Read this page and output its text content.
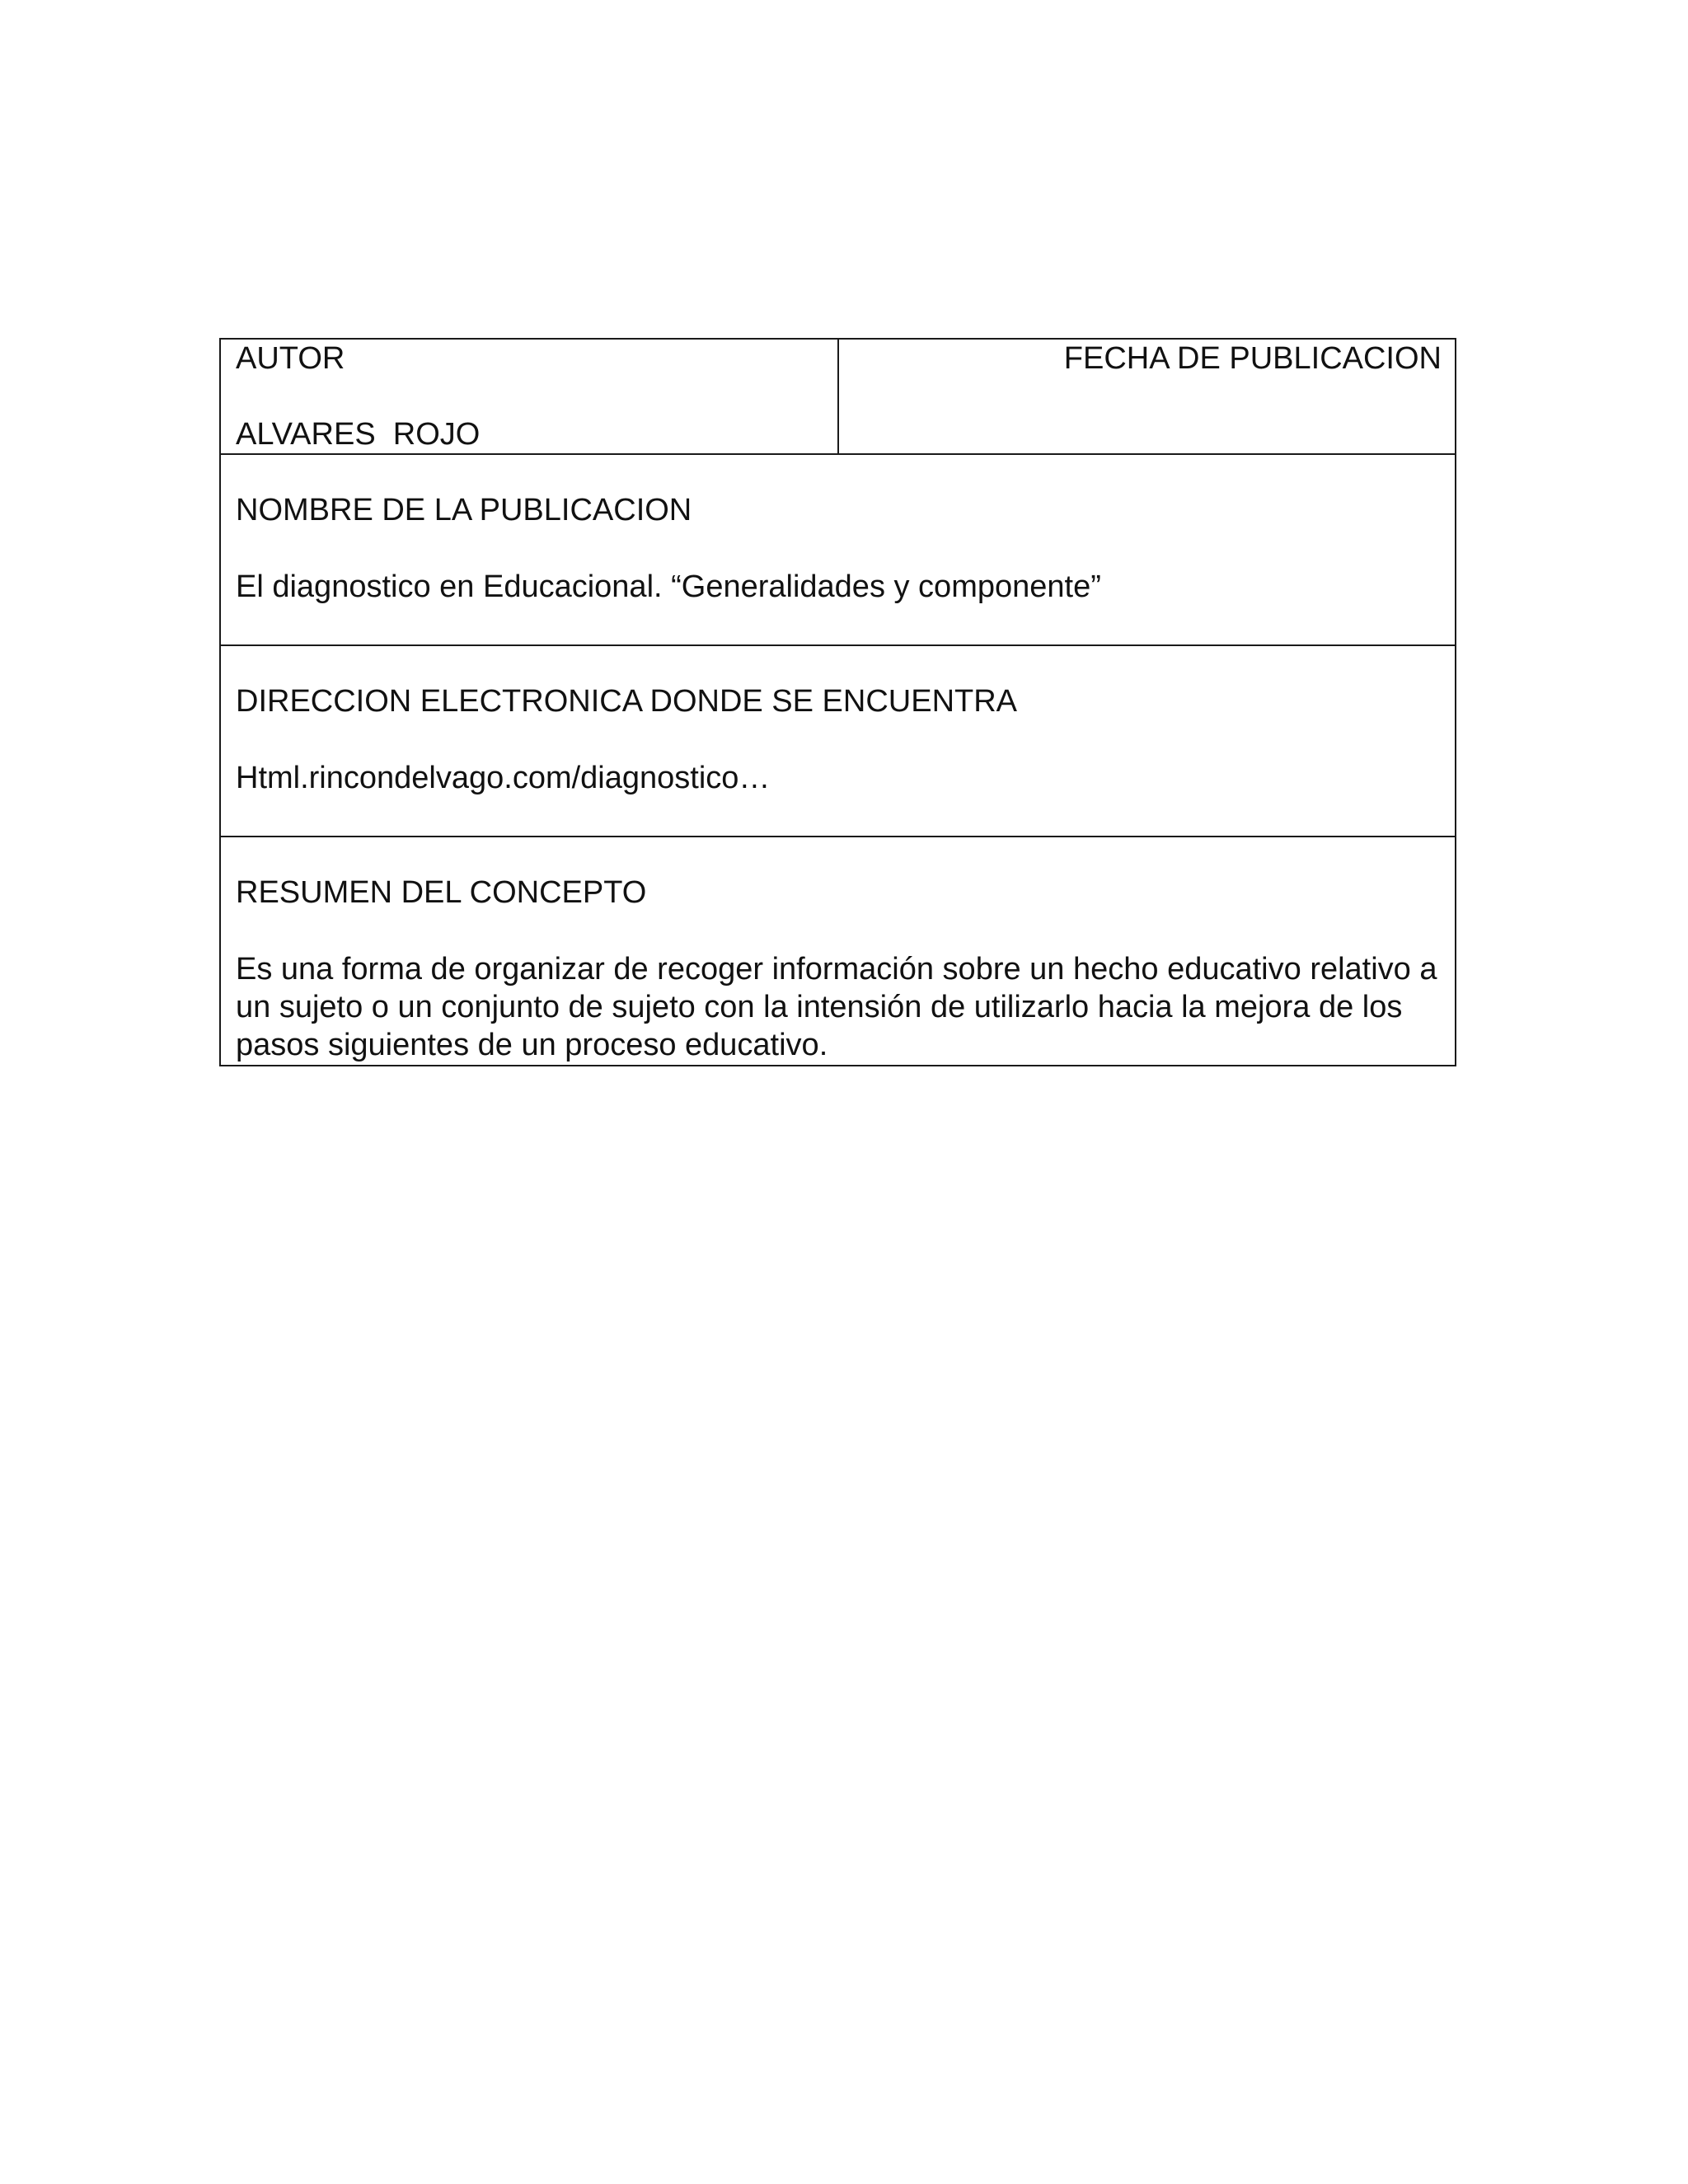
AUTOR
ALVARES  ROJO
FECHA DE PUBLICACION
NOMBRE DE LA PUBLICACION
El diagnostico en Educacional. “Generalidades y componente”
DIRECCION ELECTRONICA DONDE SE ENCUENTRA
Html.rincondelvago.com/diagnostico…
RESUMEN DEL CONCEPTO
Es una forma de organizar de recoger información sobre un hecho educativo relativo a un sujeto o un conjunto de sujeto con la intensión de utilizarlo hacia la mejora de los pasos siguientes de un proceso educativo.
